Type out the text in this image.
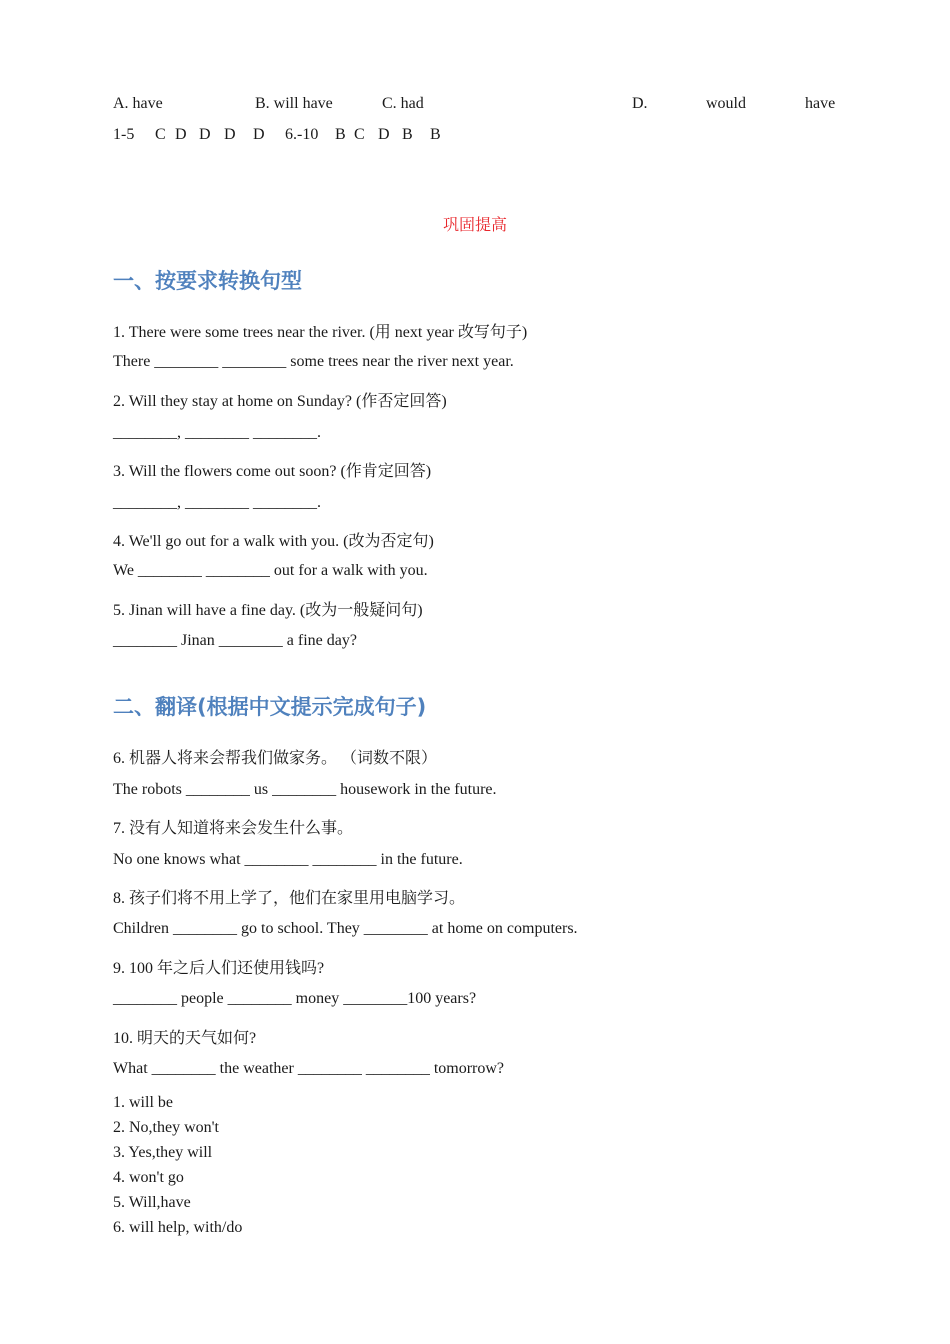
A. have	B. will have	C. had	D.	would	have
1-5 C D D D D 6.-10 B C D B B
巩固提高
一、按要求转换句型
1. There were some trees near the river. (用 next year 改写句子)
There ________ ________ some trees near the river next year.
2. Will they stay at home on Sunday? (作否定回答)
________, ________ ________.
3. Will the flowers come out soon? (作肯定回答)
________, ________ ________.
4. We'll go out for a walk with you. (改为否定句)
We ________ ________ out for a walk with you.
5. Jinan will have a fine day. (改为一般疑问句)
________ Jinan ________ a fine day?
二、翻译(根据中文提示完成句子)
6. 机器人将来会帮我们做家务。 （词数不限）
The robots ________ us ________ housework in the future.
7. 没有人知道将来会发生什么事。
No one knows what ________ ________ in the future.
8. 孩子们将不用上学了，他们在家里用电脑学习。
Children ________ go to school. They ________ at home on computers.
9. 100 年之后人们还使用钱吗?
________ people ________ money ________100 years?
10. 明天的天气如何?
What ________ the weather ________ ________ tomorrow?
1. will be
2. No,they won't
3. Yes,they will
4. won't go
5. Will,have
6. will help, with/do
